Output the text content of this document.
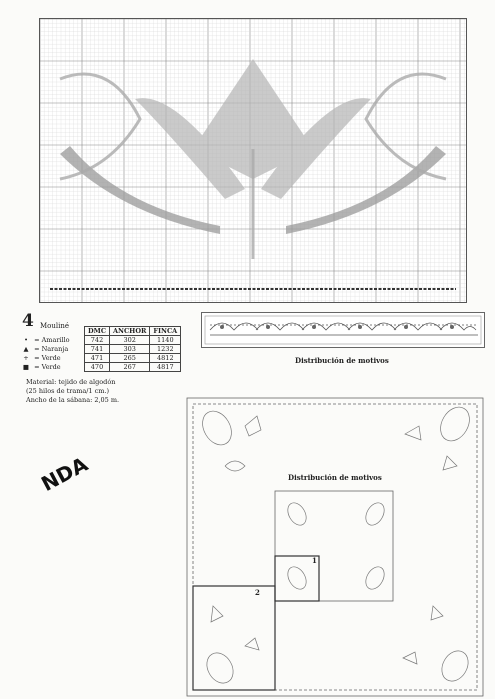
4 Mouliné
• = Amarillo
▲ = Naranja
+ = Verde
■ = Verde
DMC	ANCHOR	FINCA
742	302	1140
741	303	1232
471	265	4812
470	267	4817
Material: tejido de algodón
(25 hilos de trama/1 cm.)
Ancho de la sábana: 2,05 m.
Distribución de motivos
NDA	Distribución de motivos
1
2
